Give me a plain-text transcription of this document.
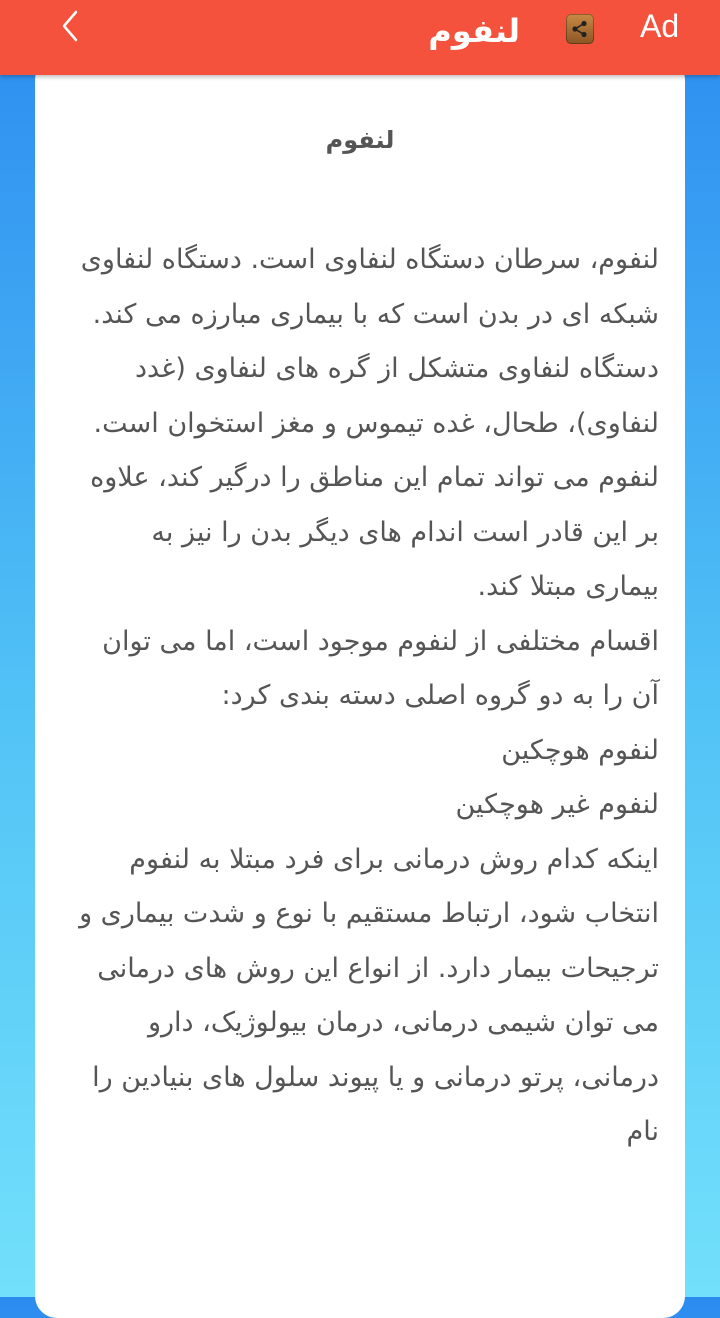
Ad
لنفوم
لنفوم
لنفوم، سرطان دستگاه لنفاوی است. دستگاه لنفاوی شبکه ای در بدن است که با بیماری مبارزه می کند.
دستگاه لنفاوی متشکل از گره های لنفاوی (غدد لنفاوی)، طحال، غده تیموس و مغز استخوان است. لنفوم می تواند تمام این مناطق را درگیر کند، علاوه بر این قادر است اندام های دیگر بدن را نیز به بیماری مبتلا کند.
اقسام مختلفی از لنفوم موجود است، اما می توان آن را به دو گروه اصلی دسته بندی کرد:
لنفوم هوچکین
لنفوم غیر هوچکین
اینکه کدام روش درمانی برای فرد مبتلا به لنفوم انتخاب شود، ارتباط مستقیم با نوع و شدت بیماری و ترجیحات بیمار دارد. از انواع این روش های درمانی می توان شیمی درمانی، درمان بیولوژیک، دارو درمانی، پرتو درمانی و یا پیوند سلول های بنیادین را نام
